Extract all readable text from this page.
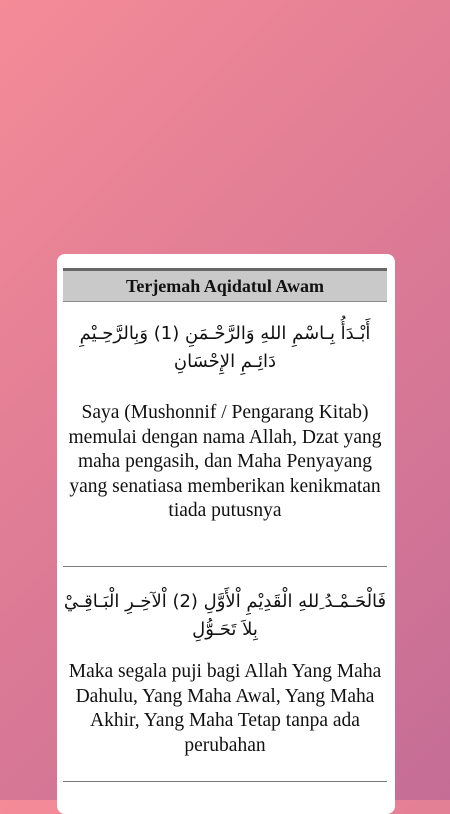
Terjemah Aqidatul Awam
أَبْـدَأُ بِـاسْمِ اللهِ وَالرَّحْـمَنِ (1) وَبِالرَّحِـيْمِ دَائِـمِ الإِحْسَانِ
Saya (Mushonnif / Pengarang Kitab) memulai dengan nama Allah, Dzat yang maha pengasih, dan Maha Penyayang yang senatiasa memberikan kenikmatan tiada putusnya
فَالْحَـمْـدُ ِللهِ الْقَدِيْمِ اْلأَوَّلِ (2) اْلآخِـرِ الْبَـاقِـيْ بِلاَ تَحَـوُّلِ
Maka segala puji bagi Allah Yang Maha Dahulu, Yang Maha Awal, Yang Maha Akhir, Yang Maha Tetap tanpa ada perubahan
